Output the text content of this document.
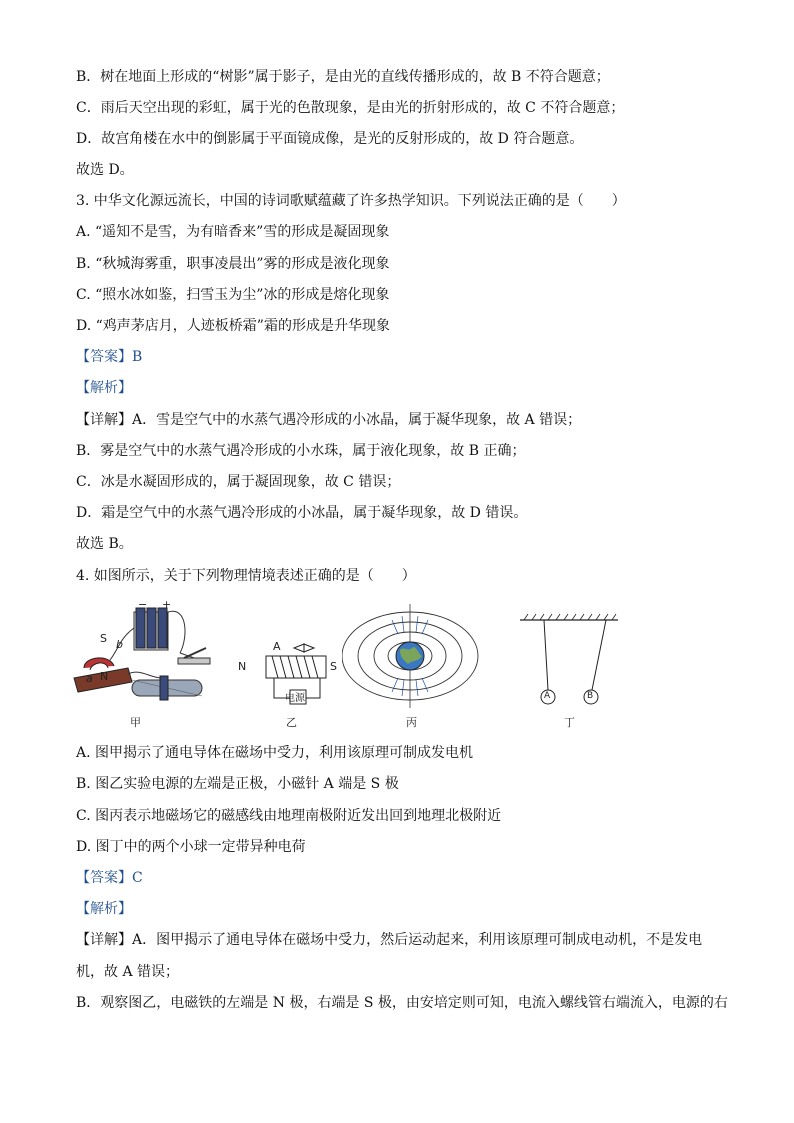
B．树在地面上形成的“树影”属于影子，是由光的直线传播形成的，故 B 不符合题意；
C．雨后天空出现的彩虹，属于光的色散现象，是由光的折射形成的，故 C 不符合题意；
D．故宫角楼在水中的倒影属于平面镜成像，是光的反射形成的，故 D 符合题意。
故选 D。
3. 中华文化源远流长，中国的诗词歌赋蕴藏了许多热学知识。下列说法正确的是（　　）
A. “遥知不是雪，为有暗香来”雪的形成是凝固现象
B. “秋城海雾重，职事凌晨出”雾的形成是液化现象
C. “照水冰如鉴，扫雪玉为尘”冰的形成是熔化现象
D. “鸡声茅店月，人迹板桥霜”霜的形成是升华现象
【答案】B
【解析】
【详解】A．雪是空气中的水蒸气遇冷形成的小冰晶，属于凝华现象，故 A 错误；
B．雾是空气中的水蒸气遇冷形成的小水珠，属于液化现象，故 B 正确；
C．冰是水凝固形成的，属于凝固现象，故 C 错误；
D．霜是空气中的水蒸气遇冷形成的小冰晶，属于凝华现象，故 D 错误。
故选 B。
4. 如图所示，关于下列物理情境表述正确的是（　　）
S b
a N
+
−
甲
A
N	S
电源
乙	丙
A	B
丁
A. 图甲揭示了通电导体在磁场中受力，利用该原理可制成发电机
B. 图乙实验电源的左端是正极，小磁针 A 端是 S 极
C. 图丙表示地磁场它的磁感线由地理南极附近发出回到地理北极附近
D. 图丁中的两个小球一定带异种电荷
【答案】C
【解析】
【详解】A．图甲揭示了通电导体在磁场中受力，然后运动起来，利用该原理可制成电动机，不是发电
机，故 A 错误；
B．观察图乙，电磁铁的左端是 N 极，右端是 S 极，由安培定则可知，电流入螺线管右端流入，电源的右
